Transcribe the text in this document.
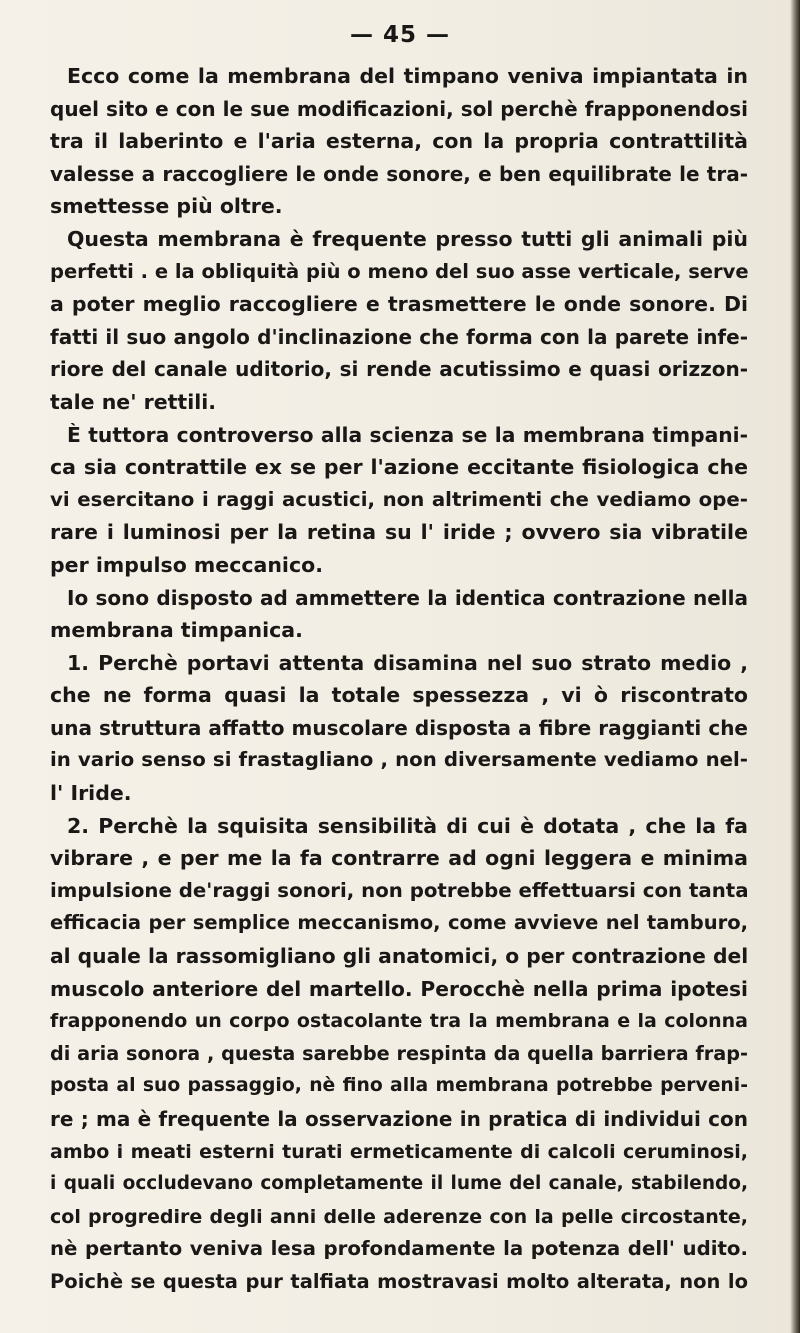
— 45 —
Ecco come la membrana del timpano veniva impiantata in
quel sito e con le sue modificazioni, sol perchè frapponendosi
tra il laberinto e l'aria esterna, con la propria contrattilità
valesse a raccogliere le onde sonore, e ben equilibrate le tra-
smettesse più oltre.
Questa membrana è frequente presso tutti gli animali più
perfetti . e la obliquità più o meno del suo asse verticale, serve
a poter meglio raccogliere e trasmettere le onde sonore. Di
fatti il suo angolo d'inclinazione che forma con la parete infe-
riore del canale uditorio, si rende acutissimo e quasi orizzon-
tale ne' rettili.
È tuttora controverso alla scienza se la membrana timpani-
ca sia contrattile ex se per l'azione eccitante fisiologica che
vi esercitano i raggi acustici, non altrimenti che vediamo ope-
rare i luminosi per la retina su l' iride ; ovvero sia vibratile
per impulso meccanico.
Io sono disposto ad ammettere la identica contrazione nella
membrana timpanica.
1. Perchè portavi attenta disamina nel suo strato medio ,
che ne forma quasi la totale spessezza , vi ò riscontrato
una struttura affatto muscolare disposta a fibre raggianti che
in vario senso si frastagliano , non diversamente vediamo nel-
l' Iride.
2. Perchè la squisita sensibilità di cui è dotata , che la fa
vibrare , e per me la fa contrarre ad ogni leggera e minima
impulsione de'raggi sonori, non potrebbe effettuarsi con tanta
efficacia per semplice meccanismo, come avvieve nel tamburo,
al quale la rassomigliano gli anatomici, o per contrazione del
muscolo anteriore del martello. Perocchè nella prima ipotesi
frapponendo un corpo ostacolante tra la membrana e la colonna
di aria sonora , questa sarebbe respinta da quella barriera frap-
posta al suo passaggio, nè fino alla membrana potrebbe perveni-
re ; ma è frequente la osservazione in pratica di individui con
ambo i meati esterni turati ermeticamente di calcoli ceruminosi,
i quali occludevano completamente il lume del canale, stabilendo,
col progredire degli anni delle aderenze con la pelle circostante,
nè pertanto veniva lesa profondamente la potenza dell' udito.
Poichè se questa pur talfiata mostravasi molto alterata, non lo
